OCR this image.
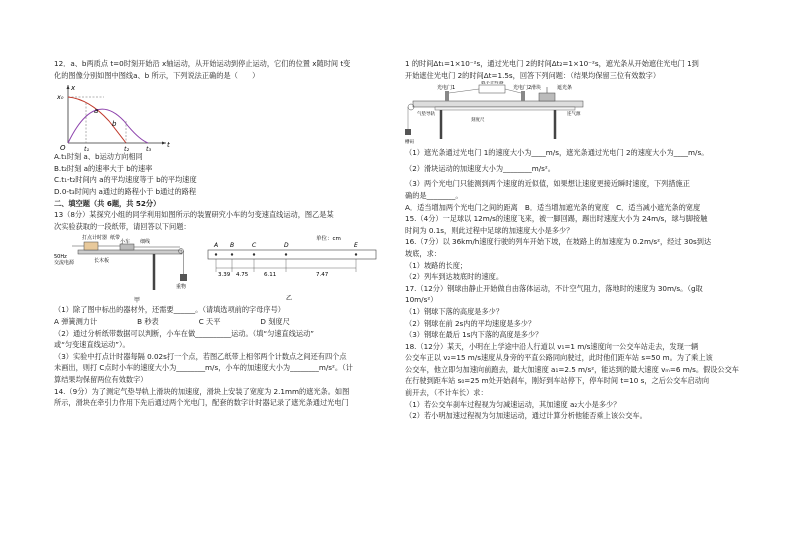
12．a、b两质点 t=0时刻开始沿 x轴运动，从开始运动到停止运动，它们的位置 x随时间 t变

化的图像分别如图中图线a、b 所示，下列说法正确的是（　　）

x
t
x₀
O
a
b
t₁	t₂	t₃

A.t₁时刻 a、b运动方向相同

B.t₂时刻 a的速率大于 b的速率

C.t₁-t₂时间内 a的平均速度等于 b的平均速度

D.0-t₃时间内 a通过的路程小于 b通过的路程

二、填空题（共 6题，共 52分）

13（8分）某探究小组的同学利用如图所示的装置研究小车的匀变速直线运动，图乙是某

次实验获取的一段纸带，请回答以下问题：

打点计时器 纸带
小车 细线
50Hz
交流电源	长木板
重物
甲
单位：cm
A B	C	D	E
3.39 4.75	6.11	7.47
乙

（1）除了图中标出的器材外，还需要______。（请填选项前的字母序号）

A 弹簧测力计	B 秒表	C 天平	D 刻度尺

（2）通过分析纸带数据可以判断，小车在做__________运动。（填“匀速直线运动”

或“匀变速直线运动”）。

（3）实验中打点计时器每隔 0.02s打一个点，若图乙纸带上相邻两个计数点之间还有四个点

未画出，则打 C点时小车的速度大小为________m/s，小车的加速度大小为________m/s²。（计

算结果均保留两位有效数字）

14.（9分）为了测定气垫导轨上滑块的加速度，滑块上安装了宽度为 2.1mm的遮光条。如图

所示，滑块在牵引力作用下先后通过两个光电门，配套的数字计时器记录了遮光条通过光电门

1 的时间Δt₁=1×10⁻²s，通过光电门 2的时间Δt₂=1×10⁻²s，遮光条从开始遮住光电门 1到

开始遮住光电门 2的时间Δt=1.5s，回答下列问题：（结果均保留三位有效数字）

光电门1
数字计时器
光电门2 滑块	遮光条
气垫导轨
槽码
刻度尺
连气源

（1）遮光条通过光电门 1的速度大小为____m/s，遮光条通过光电门 2的速度大小为____m/s。

（2）滑块运动的加速度大小为________m/s²。

（3）两个光电门只能测到两个速度的近似值，如果想让速度更接近瞬时速度，下列措施正

确的是________。

A．适当增加两个光电门之间的距离　B．适当增加遮光条的宽度　C．适当减小遮光条的宽度

15.（4分）一足球以 12m/s的速度飞来，被一脚回踢，踢出时速度大小为 24m/s，球与脚接触

时间为 0.1s，则此过程中足球的加速度大小是多少？

16.（7分）以 36km/h速度行驶的列车开始下坡，在坡路上的加速度为 0.2m/s²，经过 30s到达

坡底，求：

（1）坡路的长度；

（2）列车到达坡底时的速度。

17.（12分）钢球由静止开始做自由落体运动，不计空气阻力，落地时的速度为 30m/s。（g取

10m/s²）

（1）钢球下落的高度是多少？

（2）钢球在前 2s内的平均速度是多少？

（3）钢球在最后 1s内下落的高度是多少？

18.（12分）某天，小明在上学途中沿人行道以 v₁=1 m/s速度向一公交车站走去，发现一辆

公交车正以 v₂=15 m/s速度从身旁的平直公路同向驶过，此时他们距车站 s=50 m。为了乘上该

公交车，他立即匀加速向前跑去，最大加速度 a₁=2.5 m/s²，能达到的最大速度 vₘ=6 m/s。假设公交车

在行驶到距车站 s₀=25 m处开始刹车，刚好到车站停下，停车时间 t=10 s，之后公交车启动向

前开去，（不计车长）求：

（1）若公交车刹车过程视为匀减速运动，其加速度 a₂大小是多少？

（2）若小明加速过程视为匀加速运动，通过计算分析他能否乘上该公交车。
